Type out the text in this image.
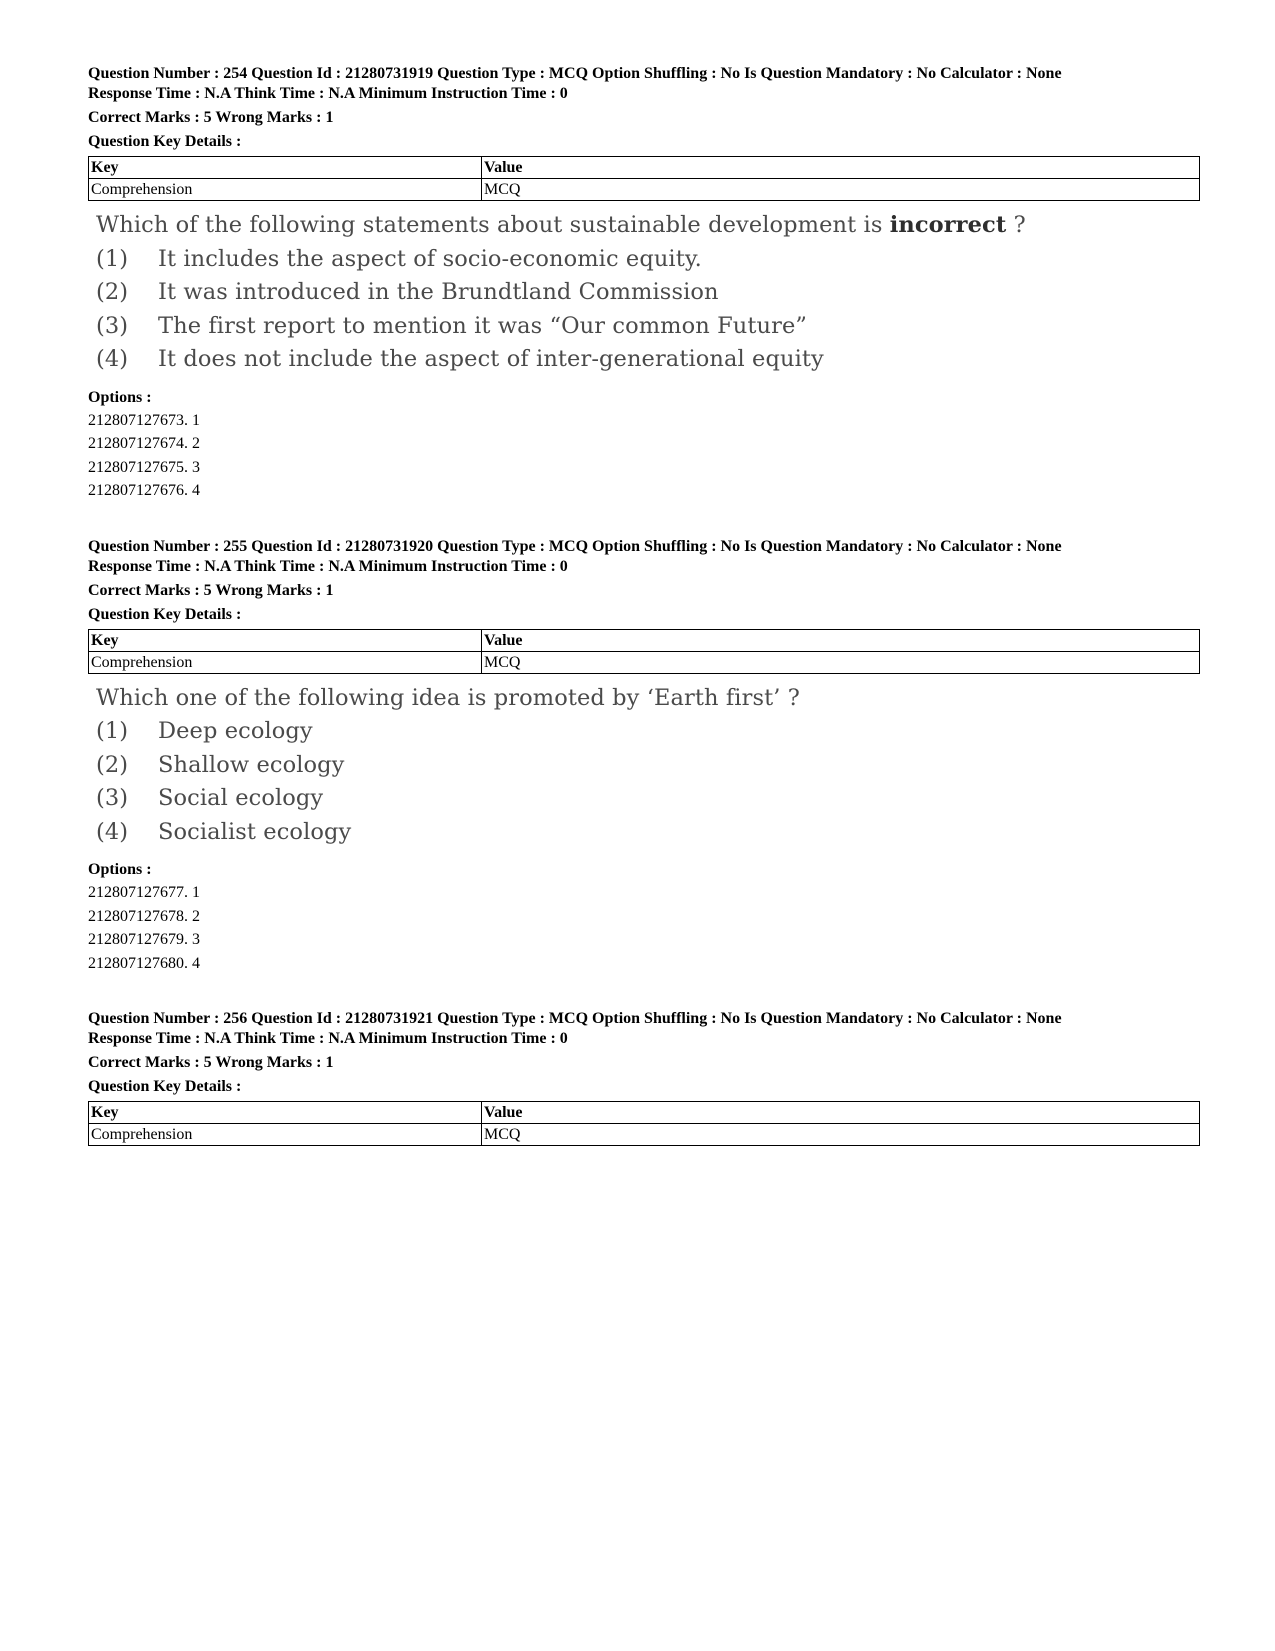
Question Number : 254 Question Id : 21280731919 Question Type : MCQ Option Shuffling : No Is Question Mandatory : No Calculator : None
Response Time : N.A Think Time : N.A Minimum Instruction Time : 0
Correct Marks : 5 Wrong Marks : 1
Question Key Details :
Key	Value
Comprehension	MCQ
Which of the following statements about sustainable development is incorrect ?
(1)	It includes the aspect of socio-economic equity.
(2)	It was introduced in the Brundtland Commission
(3)	The first report to mention it was “Our common Future”
(4)	It does not include the aspect of inter-generational equity
Options :
212807127673. 1
212807127674. 2
212807127675. 3
212807127676. 4
Question Number : 255 Question Id : 21280731920 Question Type : MCQ Option Shuffling : No Is Question Mandatory : No Calculator : None
Response Time : N.A Think Time : N.A Minimum Instruction Time : 0
Correct Marks : 5 Wrong Marks : 1
Question Key Details :
Key	Value
Comprehension	MCQ
Which one of the following idea is promoted by ‘Earth first’ ?
(1)	Deep ecology
(2)	Shallow ecology
(3)	Social ecology
(4)	Socialist ecology
Options :
212807127677. 1
212807127678. 2
212807127679. 3
212807127680. 4
Question Number : 256 Question Id : 21280731921 Question Type : MCQ Option Shuffling : No Is Question Mandatory : No Calculator : None
Response Time : N.A Think Time : N.A Minimum Instruction Time : 0
Correct Marks : 5 Wrong Marks : 1
Question Key Details :
Key	Value
Comprehension	MCQ
